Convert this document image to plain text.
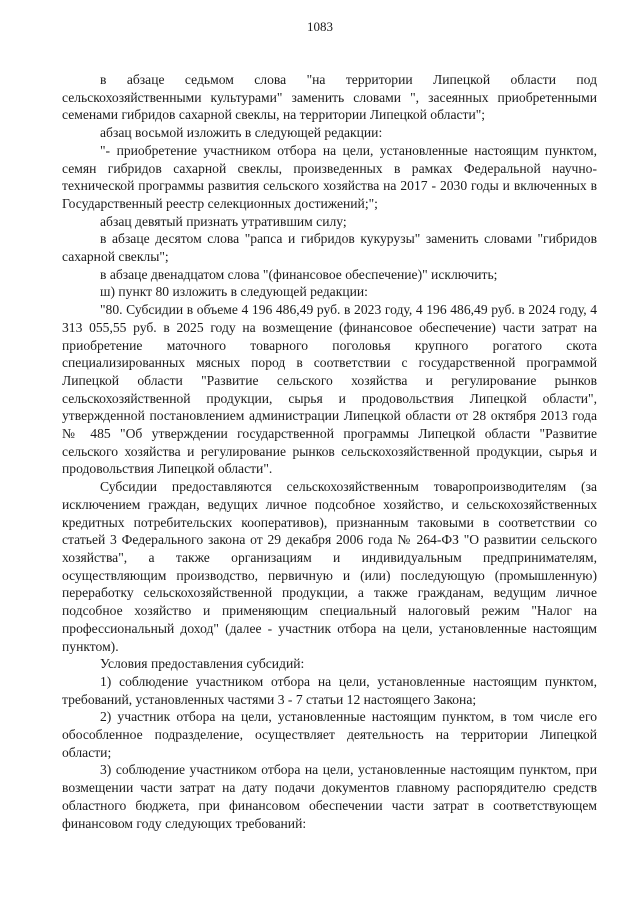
1083

в абзаце седьмом слова "на территории Липецкой области под сельскохозяйственными культурами" заменить словами ", засеянных приобретенными семенами гибридов сахарной свеклы, на территории Липецкой области";

абзац восьмой изложить в следующей редакции:

"- приобретение участником отбора на цели, установленные настоящим пунктом, семян гибридов сахарной свеклы, произведенных в рамках Федеральной научно-технической программы развития сельского хозяйства на 2017 - 2030 годы и включенных в Государственный реестр селекционных достижений;";

абзац девятый признать утратившим силу;

в абзаце десятом слова "рапса и гибридов кукурузы" заменить словами "гибридов сахарной свеклы";

в абзаце двенадцатом слова "(финансовое обеспечение)" исключить;

ш) пункт 80 изложить в следующей редакции:

"80. Субсидии в объеме 4 196 486,49 руб. в 2023 году, 4 196 486,49 руб. в 2024 году, 4 313 055,55 руб. в 2025 году на возмещение (финансовое обеспечение) части затрат на приобретение маточного товарного поголовья крупного рогатого скота специализированных мясных пород в соответствии с государственной программой Липецкой области "Развитие сельского хозяйства и регулирование рынков сельскохозяйственной продукции, сырья и продовольствия Липецкой области", утвержденной постановлением администрации Липецкой области от 28 октября 2013 года № 485 "Об утверждении государственной программы Липецкой области "Развитие сельского хозяйства и регулирование рынков сельскохозяйственной продукции, сырья и продовольствия Липецкой области".

Субсидии предоставляются сельскохозяйственным товаропроизводителям (за исключением граждан, ведущих личное подсобное хозяйство, и сельскохозяйственных кредитных потребительских кооперативов), признанным таковыми в соответствии со статьей 3 Федерального закона от 29 декабря 2006 года № 264-ФЗ "О развитии сельского хозяйства", а также организациям и индивидуальным предпринимателям, осуществляющим производство, первичную и (или) последующую (промышленную) переработку сельскохозяйственной продукции, а также гражданам, ведущим личное подсобное хозяйство и применяющим специальный налоговый режим "Налог на профессиональный доход" (далее - участник отбора на цели, установленные настоящим пунктом).

Условия предоставления субсидий:

1) соблюдение участником отбора на цели, установленные настоящим пунктом, требований, установленных частями 3 - 7 статьи 12 настоящего Закона;

2) участник отбора на цели, установленные настоящим пунктом, в том числе его обособленное подразделение, осуществляет деятельность на территории Липецкой области;

3) соблюдение участником отбора на цели, установленные настоящим пунктом, при возмещении части затрат на дату подачи документов главному распорядителю средств областного бюджета, при финансовом обеспечении части затрат в соответствующем финансовом году следующих требований:
